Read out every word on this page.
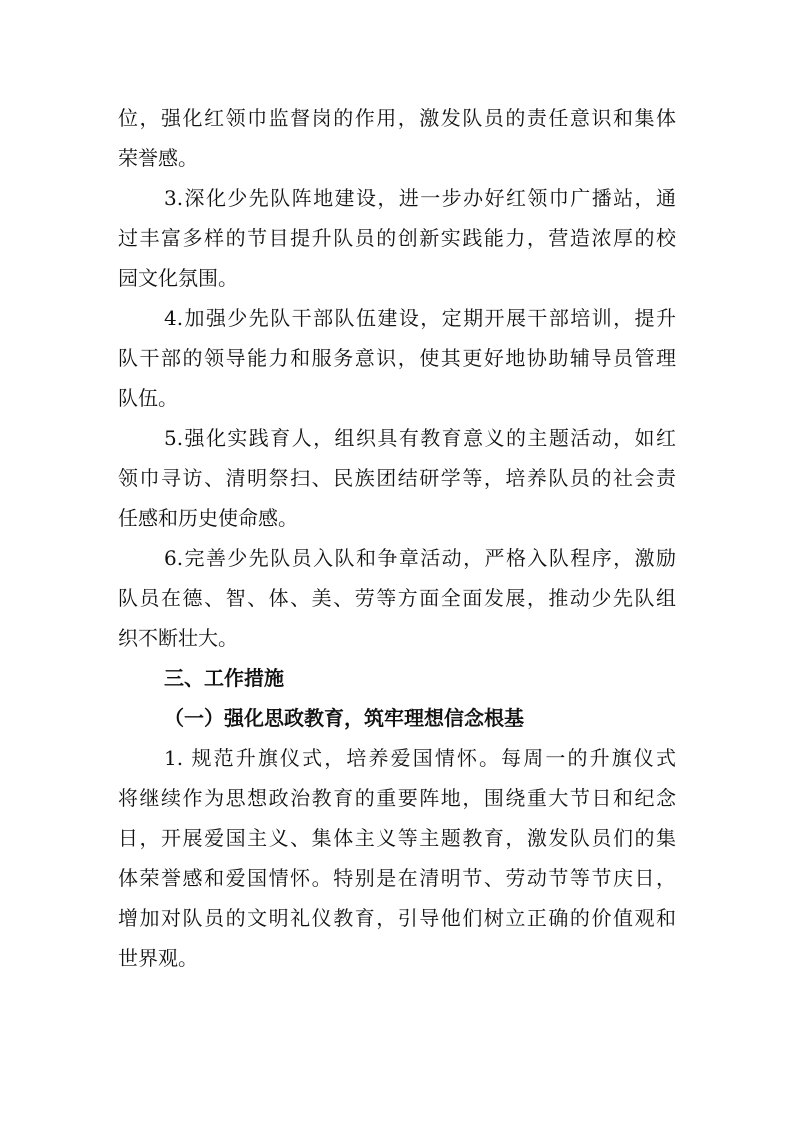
位，强化红领巾监督岗的作用，激发队员的责任意识和集体
荣誉感。
3.深化少先队阵地建设，进一步办好红领巾广播站，通
过丰富多样的节目提升队员的创新实践能力，营造浓厚的校
园文化氛围。
4.加强少先队干部队伍建设，定期开展干部培训，提升
队干部的领导能力和服务意识，使其更好地协助辅导员管理
队伍。
5.强化实践育人，组织具有教育意义的主题活动，如红
领巾寻访、清明祭扫、民族团结研学等，培养队员的社会责
任感和历史使命感。
6.完善少先队员入队和争章活动，严格入队程序，激励
队员在德、智、体、美、劳等方面全面发展，推动少先队组
织不断壮大。
三、工作措施
（一）强化思政教育，筑牢理想信念根基
1. 规范升旗仪式，培养爱国情怀。每周一的升旗仪式
将继续作为思想政治教育的重要阵地，围绕重大节日和纪念
日，开展爱国主义、集体主义等主题教育，激发队员们的集
体荣誉感和爱国情怀。特别是在清明节、劳动节等节庆日，
增加对队员的文明礼仪教育，引导他们树立正确的价值观和
世界观。
